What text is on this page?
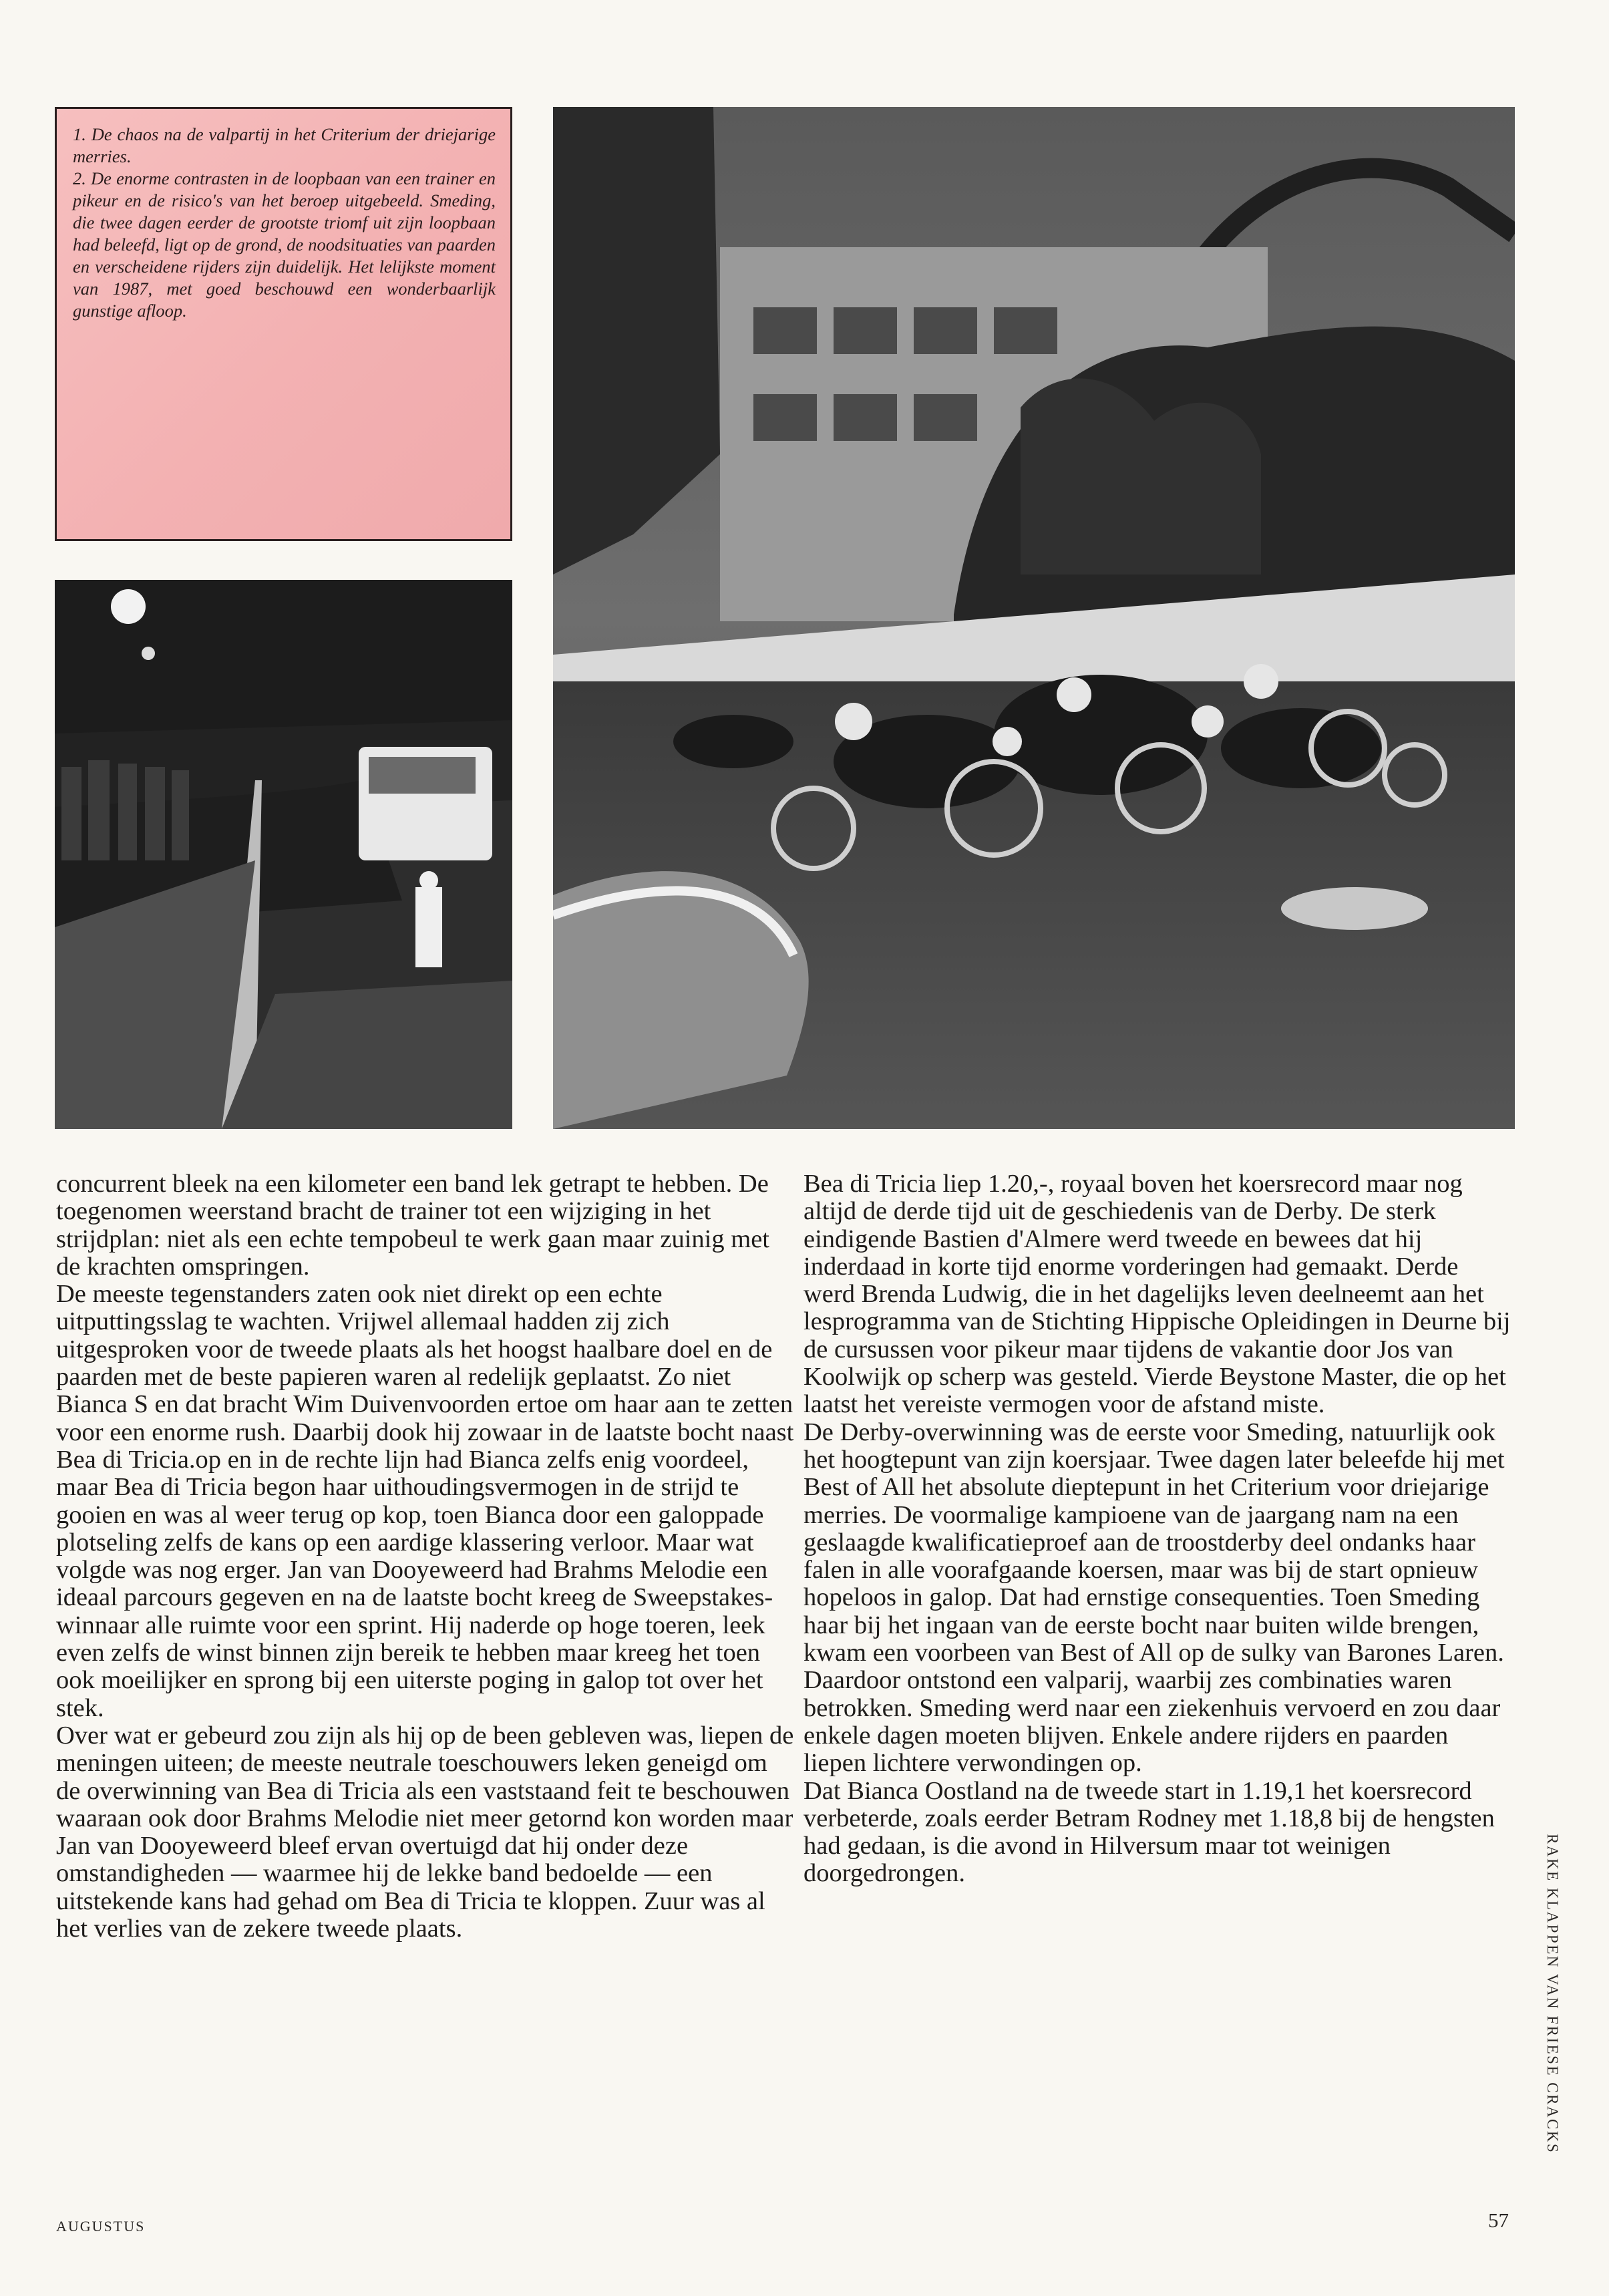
1. De chaos na de valpartij in het Criterium der driejarige merries.

2. De enorme contrasten in de loopbaan van een trainer en pikeur en de risico's van het beroep uitgebeeld. Smeding, die twee dagen eerder de grootste triomf uit zijn loopbaan had beleefd, ligt op de grond, de noodsituaties van paarden en verscheidene rijders zijn duidelijk. Het lelijkste moment van 1987, met goed beschouwd een wonderbaarlijk gunstige afloop.

concurrent bleek na een kilometer een band lek getrapt te hebben. De toegenomen weerstand bracht de trainer tot een wijziging in het strijdplan: niet als een echte tempobeul te werk gaan maar zuinig met de krachten omspringen.

De meeste tegenstanders zaten ook niet direkt op een echte uitputtingsslag te wachten. Vrijwel allemaal hadden zij zich uitgesproken voor de tweede plaats als het hoogst haalbare doel en de paarden met de beste papieren waren al redelijk geplaatst. Zo niet Bianca S en dat bracht Wim Duivenvoorden ertoe om haar aan te zetten voor een enorme rush. Daarbij dook hij zowaar in de laatste bocht naast Bea di Tricia.op en in de rechte lijn had Bianca zelfs enig voordeel, maar Bea di Tricia begon haar uithoudingsvermogen in de strijd te gooien en was al weer terug op kop, toen Bianca door een galoppade plotseling zelfs de kans op een aardige klassering verloor. Maar wat volgde was nog erger. Jan van Dooyeweerd had Brahms Melodie een ideaal parcours gegeven en na de laatste bocht kreeg de Sweepstakes-winnaar alle ruimte voor een sprint. Hij naderde op hoge toeren, leek even zelfs de winst binnen zijn bereik te hebben maar kreeg het toen ook moeilijker en sprong bij een uiterste poging in galop tot over het stek.

Over wat er gebeurd zou zijn als hij op de been gebleven was, liepen de meningen uiteen; de meeste neutrale toeschouwers leken geneigd om de overwinning van Bea di Tricia als een vaststaand feit te beschouwen waaraan ook door Brahms Melodie niet meer getornd kon worden maar Jan van Dooyeweerd bleef ervan overtuigd dat hij onder deze omstandigheden — waarmee hij de lekke band bedoelde — een uitstekende kans had gehad om Bea di Tricia te kloppen. Zuur was al het verlies van de zekere tweede plaats.

Bea di Tricia liep 1.20,-, royaal boven het koersrecord maar nog altijd de derde tijd uit de geschiedenis van de Derby. De sterk eindigende Bastien d'Almere werd tweede en bewees dat hij inderdaad in korte tijd enorme vorderingen had gemaakt. Derde werd Brenda Ludwig, die in het dagelijks leven deelneemt aan het lesprogramma van de Stichting Hippische Opleidingen in Deurne bij de cursussen voor pikeur maar tijdens de vakantie door Jos van Koolwijk op scherp was gesteld. Vierde Beystone Master, die op het laatst het vereiste vermogen voor de afstand miste.

De Derby-overwinning was de eerste voor Smeding, natuurlijk ook het hoogtepunt van zijn koersjaar. Twee dagen later beleefde hij met Best of All het absolute dieptepunt in het Criterium voor driejarige merries. De voormalige kampioene van de jaargang nam na een geslaagde kwalificatieproef aan de troostderby deel ondanks haar falen in alle voorafgaande koersen, maar was bij de start opnieuw hopeloos in galop. Dat had ernstige consequenties. Toen Smeding haar bij het ingaan van de eerste bocht naar buiten wilde brengen, kwam een voorbeen van Best of All op de sulky van Barones Laren. Daardoor ontstond een valparij, waarbij zes combinaties waren betrokken. Smeding werd naar een ziekenhuis vervoerd en zou daar enkele dagen moeten blijven. Enkele andere rijders en paarden liepen lichtere verwondingen op.

Dat Bianca Oostland na de tweede start in 1.19,1 het koersrecord verbeterde, zoals eerder Betram Rodney met 1.18,8 bij de hengsten had gedaan, is die avond in Hilversum maar tot weinigen doorgedrongen.	RAKE KLAPPEN VAN FRIESE CRACKS
AUGUSTUS	57
